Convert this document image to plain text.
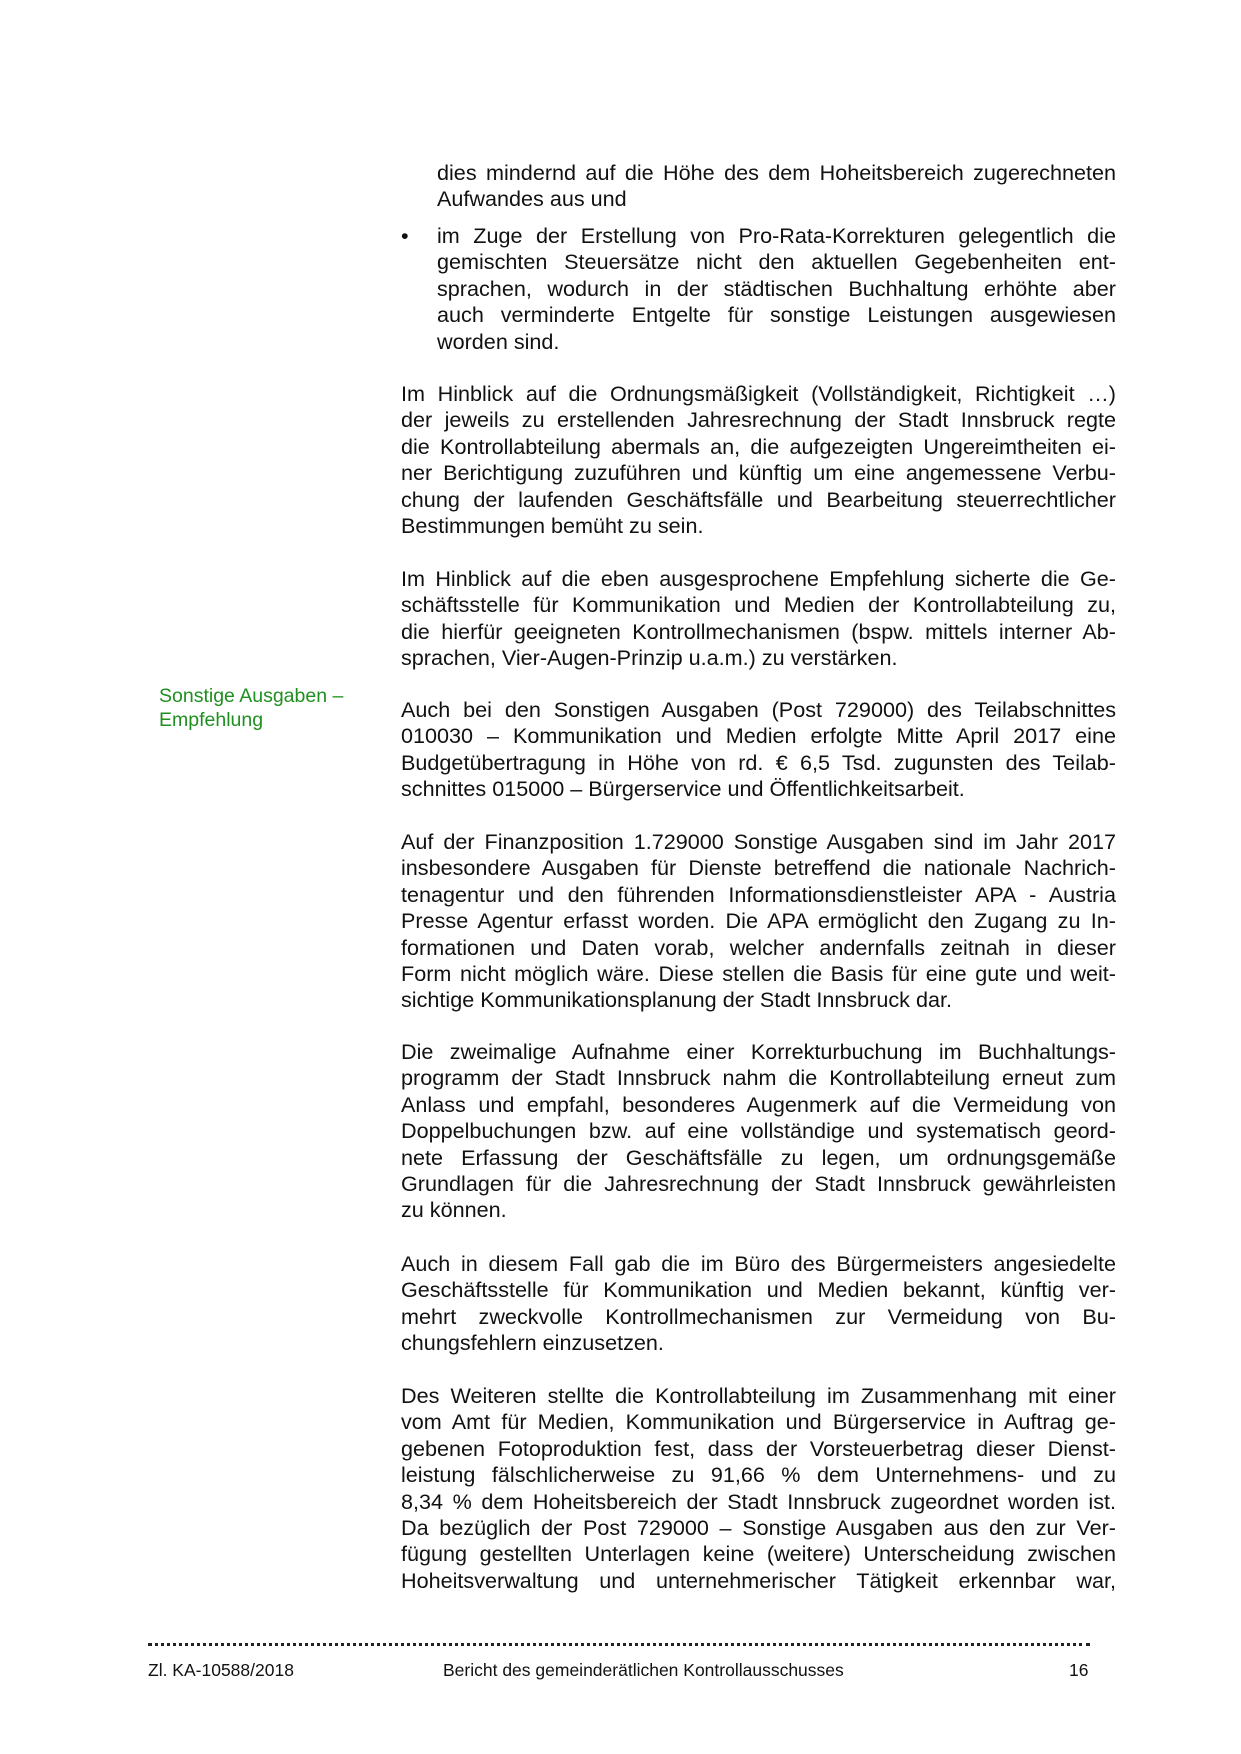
dies mindernd auf die Höhe des dem Hoheitsbereich zugerechneten
Aufwandes aus und
• im Zuge der Erstellung von Pro-Rata-Korrekturen gelegentlich die
gemischten Steuersätze nicht den aktuellen Gegebenheiten ent-
sprachen, wodurch in der städtischen Buchhaltung erhöhte aber
auch verminderte Entgelte für sonstige Leistungen ausgewiesen
worden sind.
Im Hinblick auf die Ordnungsmäßigkeit (Vollständigkeit, Richtigkeit …)
der jeweils zu erstellenden Jahresrechnung der Stadt Innsbruck regte
die Kontrollabteilung abermals an, die aufgezeigten Ungereimtheiten ei-
ner Berichtigung zuzuführen und künftig um eine angemessene Verbu-
chung der laufenden Geschäftsfälle und Bearbeitung steuerrechtlicher
Bestimmungen bemüht zu sein.
Im Hinblick auf die eben ausgesprochene Empfehlung sicherte die Ge-
schäftsstelle für Kommunikation und Medien der Kontrollabteilung zu,
die hierfür geeigneten Kontrollmechanismen (bspw. mittels interner Ab-
sprachen, Vier-Augen-Prinzip u.a.m.) zu verstärken.
Auch bei den Sonstigen Ausgaben (Post 729000) des Teilabschnittes
010030 – Kommunikation und Medien erfolgte Mitte April 2017 eine
Budgetübertragung in Höhe von rd. € 6,5 Tsd. zugunsten des Teilab-
schnittes 015000 – Bürgerservice und Öffentlichkeitsarbeit.
Auf der Finanzposition 1.729000 Sonstige Ausgaben sind im Jahr 2017
insbesondere Ausgaben für Dienste betreffend die nationale Nachrich-
tenagentur und den führenden Informationsdienstleister APA - Austria
Presse Agentur erfasst worden. Die APA ermöglicht den Zugang zu In-
formationen und Daten vorab, welcher andernfalls zeitnah in dieser
Form nicht möglich wäre. Diese stellen die Basis für eine gute und weit-
sichtige Kommunikationsplanung der Stadt Innsbruck dar.
Die zweimalige Aufnahme einer Korrekturbuchung im Buchhaltungs-
programm der Stadt Innsbruck nahm die Kontrollabteilung erneut zum
Anlass und empfahl, besonderes Augenmerk auf die Vermeidung von
Doppelbuchungen bzw. auf eine vollständige und systematisch geord-
nete Erfassung der Geschäftsfälle zu legen, um ordnungsgemäße
Grundlagen für die Jahresrechnung der Stadt Innsbruck gewährleisten
zu können.
Auch in diesem Fall gab die im Büro des Bürgermeisters angesiedelte
Geschäftsstelle für Kommunikation und Medien bekannt, künftig ver-
mehrt zweckvolle Kontrollmechanismen zur Vermeidung von Bu-
chungsfehlern einzusetzen.
Des Weiteren stellte die Kontrollabteilung im Zusammenhang mit einer
vom Amt für Medien, Kommunikation und Bürgerservice in Auftrag ge-
gebenen Fotoproduktion fest, dass der Vorsteuerbetrag dieser Dienst-
leistung fälschlicherweise zu 91,66 % dem Unternehmens- und zu
8,34 % dem Hoheitsbereich der Stadt Innsbruck zugeordnet worden ist.
Da bezüglich der Post 729000 – Sonstige Ausgaben aus den zur Ver-
fügung gestellten Unterlagen keine (weitere) Unterscheidung zwischen
Hoheitsverwaltung und unternehmerischer Tätigkeit erkennbar war,
Sonstige Ausgaben –
Empfehlung
Zl. KA-10588/2018	Bericht des gemeinderätlichen Kontrollausschusses	16
